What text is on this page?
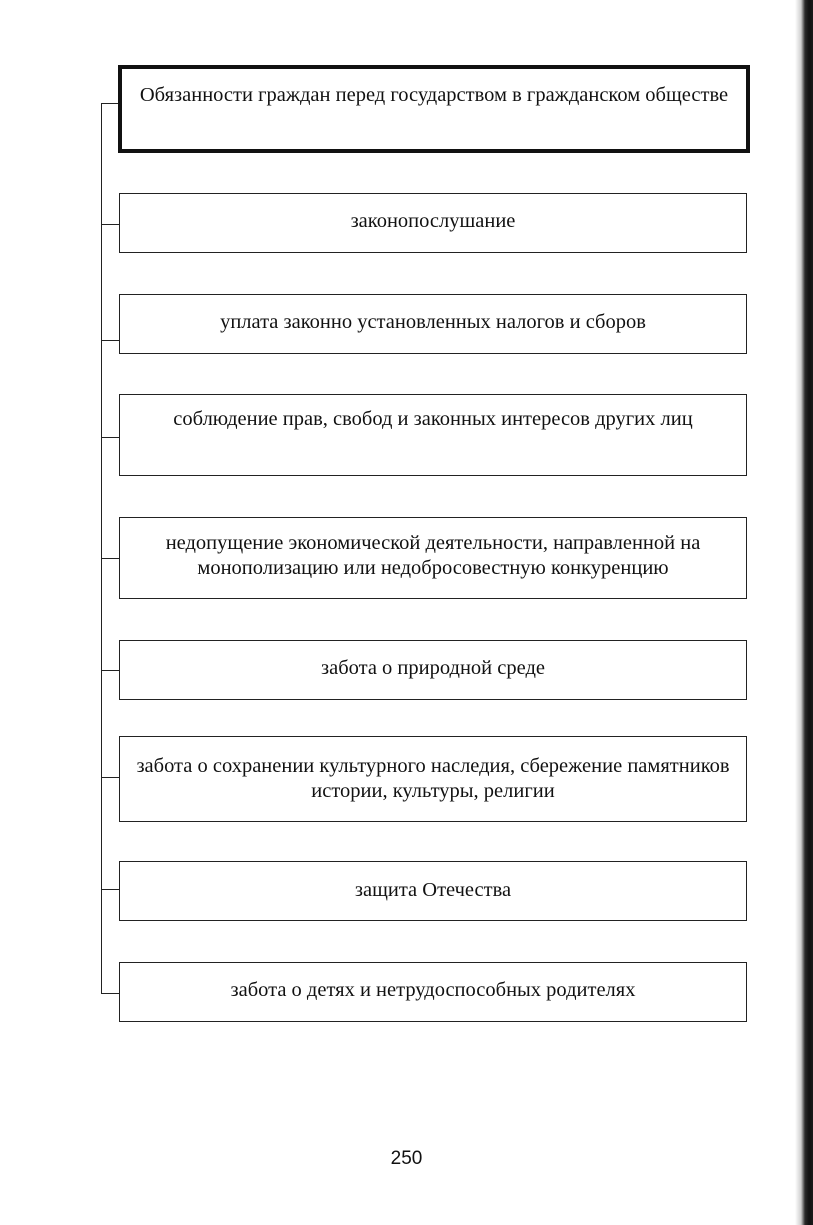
Обязанности граждан перед государством в гражданском обществе
законопослушание
уплата законно установленных налогов и сборов
соблюдение прав, свобод и законных интересов других лиц
недопущение экономической деятельности, направленной на монополизацию или недобросовестную конкуренцию
забота о природной среде
забота о сохранении культурного наследия, сбережение памятников истории, культуры, религии
защита Отечества
забота о детях и нетрудоспособных родителях
250
